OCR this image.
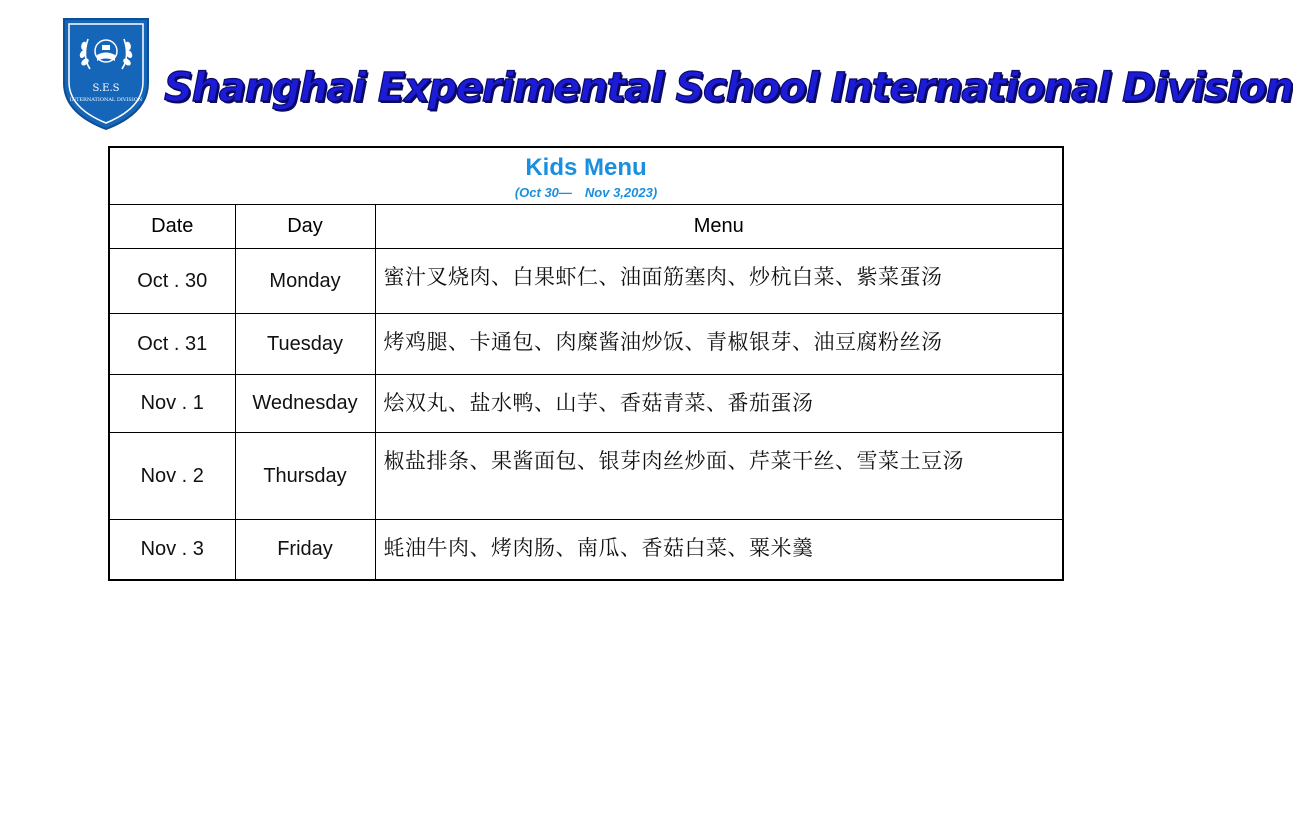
S.E.S
INTERNATIONAL DIVISION Shanghai Experimental School International Division
Kids Menu
(Oct 30—　Nov 3,2023)		

Date	Day	Menu
Oct . 30	Monday	蜜汁叉烧肉、白果虾仁、油面筋塞肉、炒杭白菜、紫菜蛋汤
Oct . 31	Tuesday	烤鸡腿、卡通包、肉糜酱油炒饭、青椒银芽、油豆腐粉丝汤
Nov . 1	Wednesday	烩双丸、盐水鸭、山芋、香菇青菜、番茄蛋汤
Nov . 2	Thursday	椒盐排条、果酱面包、银芽肉丝炒面、芹菜干丝、雪菜土豆汤
Nov . 3	Friday	蚝油牛肉、烤肉肠、南瓜、香菇白菜、粟米羹
